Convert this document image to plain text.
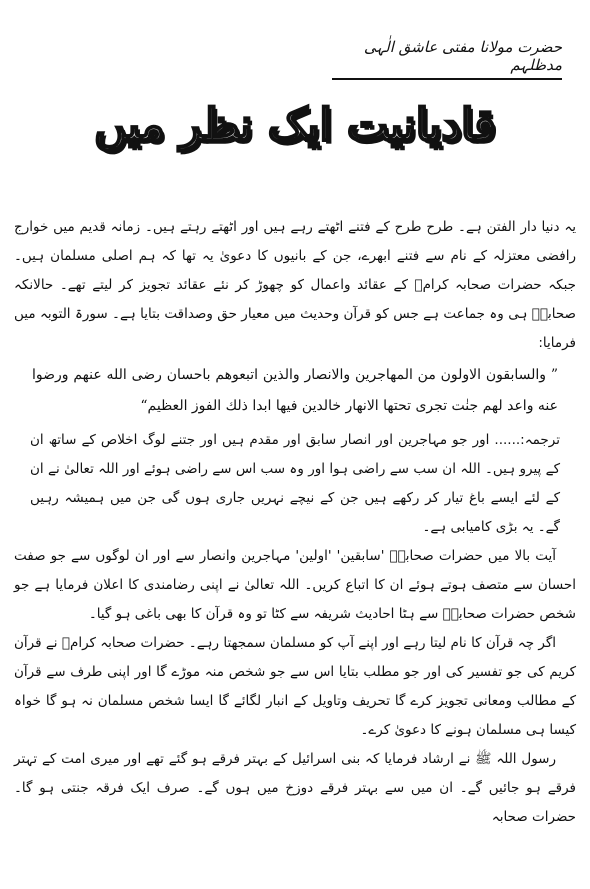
حضرت مولانا مفتی عاشق الٰہی مدظلہم
قادیانیت ایک نظر میں

یہ دنیا دار الفتن ہے۔ طرح طرح کے فتنے اٹھتے رہے ہیں اور اٹھتے رہتے ہیں۔ زمانہ قدیم میں خوارج رافضی معتزلہ کے نام سے فتنے ابھرے، جن کے بانیوں کا دعویٰ یہ تھا کہ ہم اصلی مسلمان ہیں۔ جبکہ حضرات صحابہ کرامؓ کے عقائد واعمال کو چھوڑ کر نئے عقائد تجویز کر لیتے تھے۔ حالانکہ صحابہؓ ہی وہ جماعت ہے جس کو قرآن وحدیث میں معیار حق وصداقت بتایا ہے۔ سورۃ التوبہ میں فرمایا:

” والسابقون الاولون من المهاجرين والانصار والذين اتبعوهم باحسان رضى الله عنهم ورضوا عنه واعد لهم جنٰت تجرى تحتها الانهار خالدين فيها ابدا ذلك الفوز العظيم“

ترجمہ:...... اور جو مہاجرین اور انصار سابق اور مقدم ہیں اور جتنے لوگ اخلاص کے ساتھ ان کے پیرو ہیں۔ اللہ ان سب سے راضی ہوا اور وہ سب اس سے راضی ہوئے اور اللہ تعالیٰ نے ان کے لئے ایسے باغ تیار کر رکھے ہیں جن کے نیچے نہریں جاری ہوں گی جن میں ہمیشہ رہیں گے۔ یہ بڑی کامیابی ہے۔

آیت بالا میں حضرات صحابہؓ 'سابقین' 'اولین' مہاجرین وانصار سے اور ان لوگوں سے جو صفت احسان سے متصف ہوتے ہوئے ان کا اتباع کریں۔ اللہ تعالیٰ نے اپنی رضامندی کا اعلان فرمایا ہے جو شخص حضرات صحابہؓ سے ہٹا احادیث شریفہ سے کٹا تو وہ قرآن کا بھی باغی ہو گیا۔

اگر چہ قرآن کا نام لیتا رہے اور اپنے آپ کو مسلمان سمجھتا رہے۔ حضرات صحابہ کرامؓ نے قرآن کریم کی جو تفسیر کی اور جو مطلب بتایا اس سے جو شخص منہ موڑے گا اور اپنی طرف سے قرآن کے مطالب ومعانی تجویز کرے گا تحریف وتاویل کے انبار لگائے گا ایسا شخص مسلمان نہ ہو گا خواہ کیسا ہی مسلمان ہونے کا دعویٰ کرے۔

رسول اللہ ﷺ نے ارشاد فرمایا کہ بنی اسرائیل کے بہتر فرقے ہو گئے تھے اور میری امت کے تہتر فرقے ہو جائیں گے۔ ان میں سے بہتر فرقے دوزخ میں ہوں گے۔ صرف ایک فرقہ جنتی ہو گا۔ حضرات صحابہ
